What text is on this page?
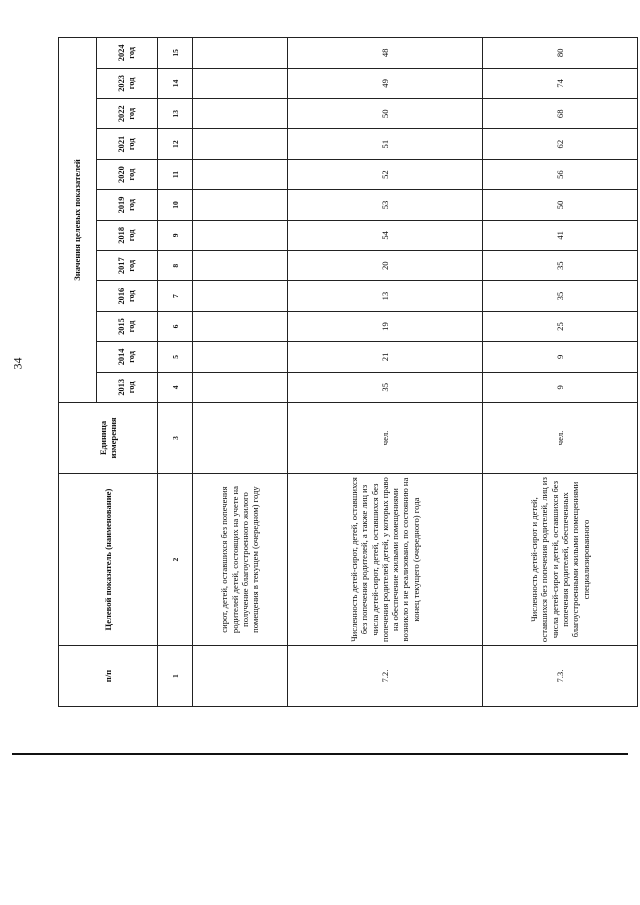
34
п/п	Целевой показатель (наименование)	Единица измерения	Значения целевых показателей											
			2013 год	2014 год	2015 год	2016 год	2017 год	2018 год	2019 год	2020 год	2021 год	2022 год	2023 год	2024 год
1	2	3	4	5	6	7	8	9	10	11	12	13	14	15
	сирот, детей, оставшихся без попечения родителей детей, состоящих на учете на получение благоустроенного жилого помещения в текущем (очередном) году													
7.2.	Численность детей-сирот, детей, оставшихся без попечения родителей, а также лиц из числа детей-сирот, детей, оставшихся без попечения родителей детей, у которых право на обеспечение жилыми помещениями возникло и не реализовано, по состоянию на конец текущего (очередного) года	чел.	35	21	19	13	20	54	53	52	51	50	49	48
7.3.	Численность детей-сирот и детей, оставшихся без попечения родителей, лиц из числа детей-сирот и детей, оставшихся без попечения родителей, обеспеченных благоустроенными жилыми помещениями специализированного	чел.	9	9	25	35	35	41	50	56	62	68	74	80
